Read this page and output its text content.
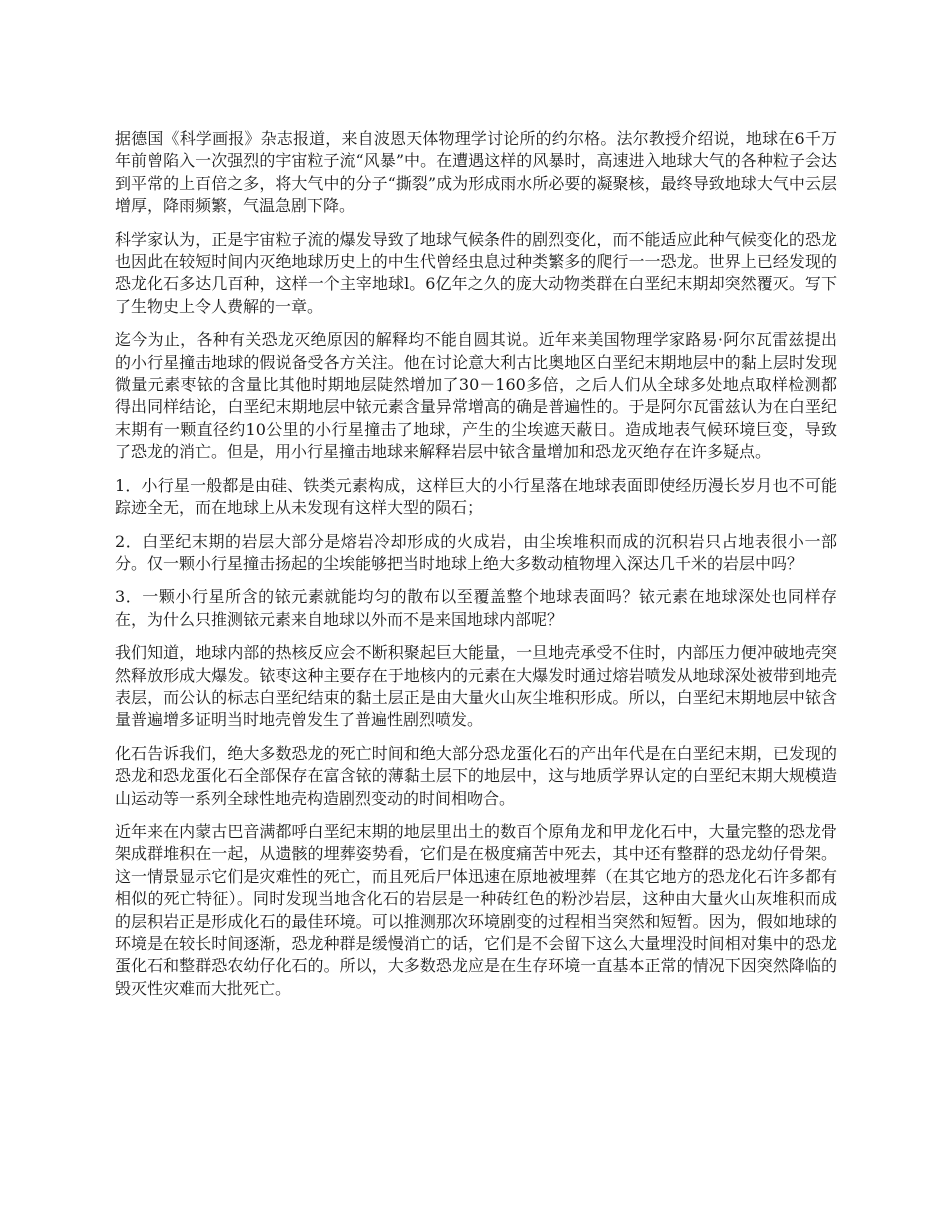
据德国《科学画报》杂志报道，来自波恩天体物理学讨论所的约尔格。法尔教授介绍说，地球在6千万年前曾陷入一次强烈的宇宙粒子流“风暴”中。在遭遇这样的风暴时，高速进入地球大气的各种粒子会达到平常的上百倍之多，将大气中的分子“撕裂”成为形成雨水所必要的凝聚核，最终导致地球大气中云层增厚，降雨频繁，气温急剧下降。

科学家认为，正是宇宙粒子流的爆发导致了地球气候条件的剧烈变化，而不能适应此种气候变化的恐龙也因此在较短时间内灭绝地球历史上的中生代曾经虫息过种类繁多的爬行一一恐龙。世界上已经发现的恐龙化石多达几百种，这样一个主宰地球l。6亿年之久的庞大动物类群在白垩纪末期却突然覆灭。写下了生物史上令人费解的一章。

迄今为止，各种有关恐龙灭绝原因的解释均不能自圆其说。近年来美国物理学家路易·阿尔瓦雷兹提出的小行星撞击地球的假说备受各方关注。他在讨论意大利古比奥地区白垩纪末期地层中的黏上层时发现微量元素枣铱的含量比其他时期地层陡然增加了30－160多倍，之后人们从全球多处地点取样检测都得出同样结论，白垩纪末期地层中铱元素含量异常增高的确是普遍性的。于是阿尔瓦雷兹认为在白垩纪末期有一颗直径约10公里的小行星撞击了地球，产生的尘埃遮天蔽日。造成地表气候环境巨变，导致了恐龙的消亡。但是，用小行星撞击地球来解释岩层中铱含量增加和恐龙灭绝存在许多疑点。

1．小行星一般都是由硅、铁类元素构成，这样巨大的小行星落在地球表面即使经历漫长岁月也不可能踪迹全无，而在地球上从未发现有这样大型的陨石；

2．白垩纪末期的岩层大部分是熔岩冷却形成的火成岩，由尘埃堆积而成的沉积岩只占地表很小一部分。仅一颗小行星撞击扬起的尘埃能够把当时地球上绝大多数动植物埋入深达几千米的岩层中吗？

3．一颗小行星所含的铱元素就能均匀的散布以至覆盖整个地球表面吗？铱元素在地球深处也同样存在，为什么只推测铱元素来自地球以外而不是来国地球内部呢？

我们知道，地球内部的热核反应会不断积聚起巨大能量，一旦地壳承受不住时，内部压力便冲破地壳突然释放形成大爆发。铱枣这种主要存在于地核内的元素在大爆发时通过熔岩喷发从地球深处被带到地壳表层，而公认的标志白垩纪结束的黏土层正是由大量火山灰尘堆积形成。所以，白垩纪末期地层中铱含量普遍增多证明当时地壳曾发生了普遍性剧烈喷发。

化石告诉我们，绝大多数恐龙的死亡时间和绝大部分恐龙蛋化石的产出年代是在白垩纪末期，已发现的恐龙和恐龙蛋化石全部保存在富含铱的薄黏土层下的地层中，这与地质学界认定的白垩纪末期大规模造山运动等一系列全球性地壳构造剧烈变动的时间相吻合。

近年来在内蒙古巴音满都呼白垩纪末期的地层里出土的数百个原角龙和甲龙化石中，大量完整的恐龙骨架成群堆积在一起，从遗骸的埋葬姿势看，它们是在极度痛苦中死去，其中还有整群的恐龙幼仔骨架。这一情景显示它们是灾难性的死亡，而且死后尸体迅速在原地被埋葬（在其它地方的恐龙化石许多都有相似的死亡特征）。同时发现当地含化石的岩层是一种砖红色的粉沙岩层，这种由大量火山灰堆积而成的层积岩正是形成化石的最佳环境。可以推测那次环境剧变的过程相当突然和短暂。因为，假如地球的环境是在较长时间逐渐，恐龙种群是缓慢消亡的话，它们是不会留下这么大量埋没时间相对集中的恐龙蛋化石和整群恐农幼仔化石的。所以，大多数恐龙应是在生存环境一直基本正常的情况下因突然降临的毁灭性灾难而大批死亡。
